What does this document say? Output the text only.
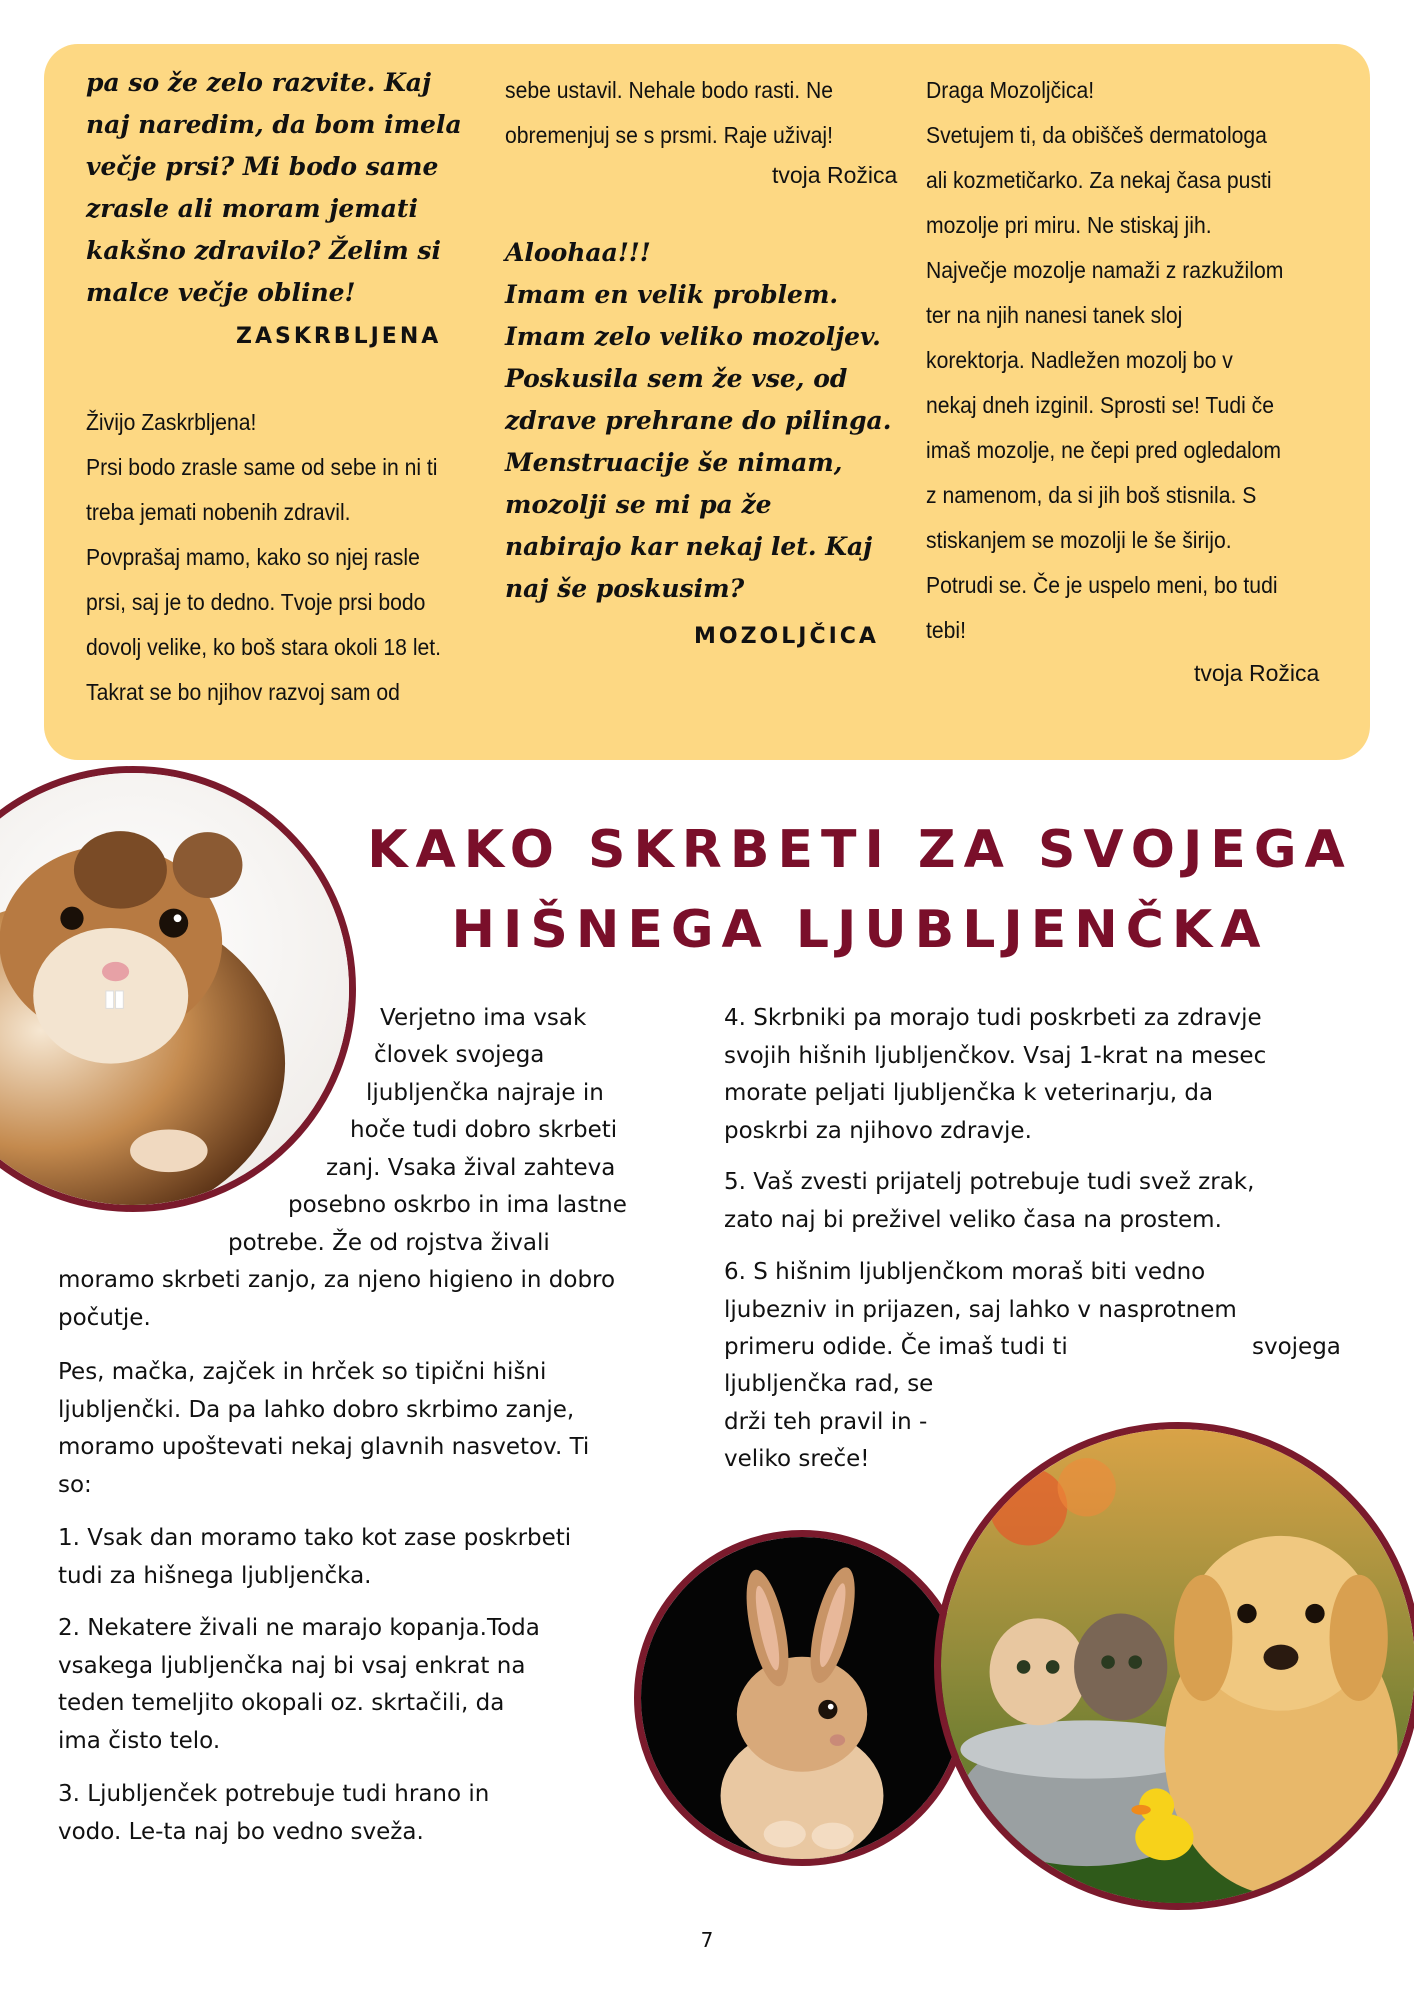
pa so že zelo razvite. Kaj

naj naredim, da bom imela

večje prsi? Mi bodo same

zrasle ali moram jemati

kakšno zdravilo? Želim si

malce večje obline!

ZASKRBLJENA

Živijo Zaskrbljena!

Prsi bodo zrasle same od sebe in ni ti

treba jemati nobenih zdravil.

Povprašaj mamo, kako so njej rasle

prsi, saj je to dedno. Tvoje prsi bodo

dovolj velike, ko boš stara okoli 18 let.

Takrat se bo njihov razvoj sam od

sebe ustavil. Nehale bodo rasti. Ne

obremenjuj se s prsmi. Raje uživaj!

tvoja Rožica

Aloohaa!!!

Imam en velik problem.

Imam zelo veliko mozoljev.

Poskusila sem že vse, od

zdrave prehrane do pilinga.

Menstruacije še nimam,

mozolji se mi pa že

nabirajo kar nekaj let. Kaj

naj še poskusim?

MOZOLJČICA

Draga Mozoljčica!

Svetujem ti, da obiščeš dermatologa

ali kozmetičarko. Za nekaj časa pusti

mozolje pri miru. Ne stiskaj jih.

Največje mozolje namaži z razkužilom

ter na njih nanesi tanek sloj

korektorja. Nadležen mozolj bo v

nekaj dneh izginil. Sprosti se! Tudi če

imaš mozolje, ne čepi pred ogledalom

z namenom, da si jih boš stisnila. S

stiskanjem se mozolji le še širijo.

Potrudi se. Če je uspelo meni, bo tudi

tebi!

tvoja Rožica

KAKO SKRBETI ZA SVOJEGA

HIŠNEGA LJUBLJENČKA

Verjetno ima vsak

človek svojega

ljubljenčka najraje in

hoče tudi dobro skrbeti

zanj. Vsaka žival zahteva

posebno oskrbo in ima lastne

potrebe. Že od rojstva živali

moramo skrbeti zanjo, za njeno higieno in dobro

počutje.

Pes, mačka, zajček in hrček so tipični hišni

ljubljenčki. Da pa lahko dobro skrbimo zanje,

moramo upoštevati nekaj glavnih nasvetov. Ti

so:

1. Vsak dan moramo tako kot zase poskrbeti

tudi za hišnega ljubljenčka.

2. Nekatere živali ne marajo kopanja.Toda

vsakega ljubljenčka naj bi vsaj enkrat na

teden temeljito okopali oz. skrtačili, da

ima čisto telo.

3. Ljubljenček potrebuje tudi hrano in

vodo. Le-ta naj bo vedno sveža.

4. Skrbniki pa morajo tudi poskrbeti za zdravje

svojih hišnih ljubljenčkov. Vsaj 1-krat na mesec

morate peljati ljubljenčka k veterinarju, da

poskrbi za njihovo zdravje.

5. Vaš zvesti prijatelj potrebuje tudi svež zrak,

zato naj bi preživel veliko časa na prostem.

6. S hišnim ljubljenčkom moraš biti vedno

ljubezniv in prijazen, saj lahko v nasprotnem

primeru odide. Če imaš tudi ti	svojega

ljubljenčka rad, se

drži teh pravil in -

veliko sreče!

7
